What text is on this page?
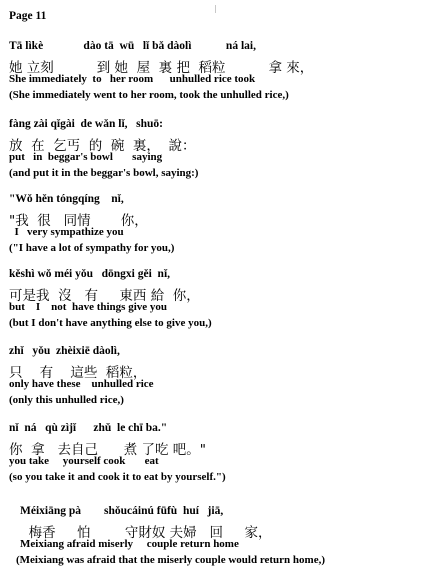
Page 11
|
Tā lìkè              dào tā  wū   lǐ bǎ dàolì            ná lai,
她 立刻          到 她  屋  裏 把  稻粒          拿 來，
She immediately  to   her room      unhulled rice took
(She immediately went to her room, took the unhulled rice,)
fàng zài qǐgài  de wǎn lǐ,   shuō:
放  在  乞丐  的  碗  裏，  說：
put   in  beggar's bowl       saying
(and put it in the beggar's bowl, saying:)
"Wǒ hěn tóngqíng    nǐ,
"我  很   同情       你，
I   very sympathize you
("I have a lot of sympathy for you,)
kěshì wǒ méi yǒu   dōngxi gěi  nǐ,
可是我  沒   有     東西 給  你，
but    I    not  have things give you
(but I don't have anything else to give you,)
zhǐ   yǒu  zhèixiē dàolì,
只    有    這些  稻粒，
only have these    unhulled rice
(only this unhulled rice,)
nǐ  ná   qù zìjǐ      zhǔ  le chī ba."
你  拿   去自己      煮 了吃 吧。"
you take     yourself cook       eat
(so you take it and cook it to eat by yourself.")
Méixiāng pà        shǒucáinú fūfù  huí   jiā,
梅香     怕        守財奴 夫婦   回     家，
Meixiang afraid miserly     couple return home
(Meixiang was afraid that the miserly couple would return home,)
